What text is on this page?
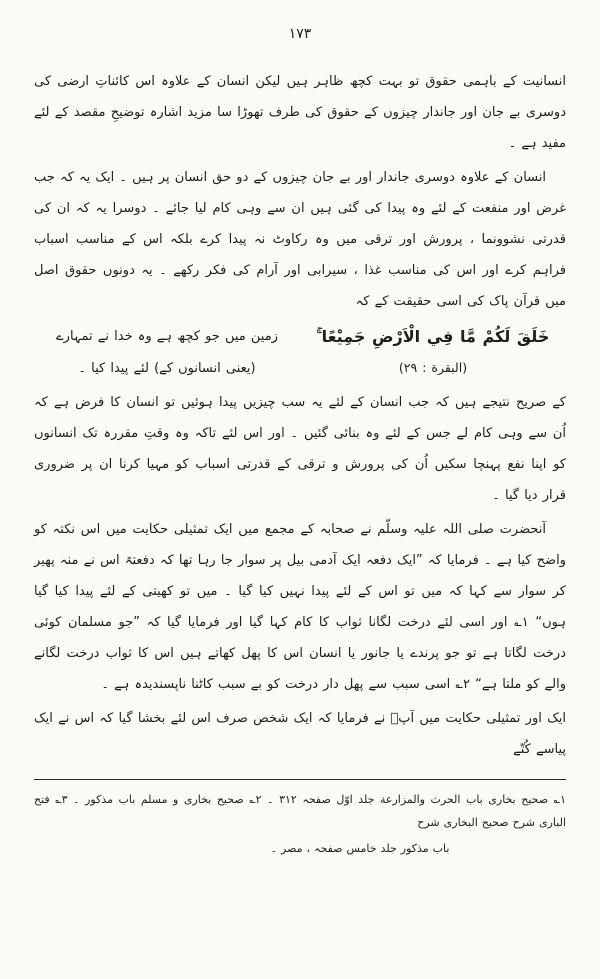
۱۷۳

انسانیت کے باہمی حقوق تو بہت کچھ ظاہر ہیں لیکن انسان کے علاوہ اس کائناتِ ارضی کی دوسری بے جان اور جاندار چیزوں کے حقوق کی طرف تھوڑا سا مزید اشارہ توضیحِ مقصد کے لئے مفید ہے ۔

انسان کے علاوہ دوسری جاندار اور بے جان چیزوں کے دو حق انسان پر ہیں ۔ ایک یہ کہ جب غرض اور منفعت کے لئے وہ پیدا کی گئی ہیں ان سے وہی کام لیا جائے ۔ دوسرا یہ کہ ان کی قدرتی نشوونما ، پرورش اور ترقی میں وہ رکاوٹ نہ پیدا کرے بلکہ اس کے مناسب اسباب فراہم کرے اور اس کی مناسب غذا ، سیرابی اور آرام کی فکر رکھے ۔ یہ دونوں حقوق اصل میں قرآن پاک کی اسی حقیقت کے کہ

خَلَقَ لَكُمْ مَّا فِي الْاَرْضِ جَمِيْعًا ۚ
زمین میں جو کچھ ہے وہ خدا نے تمہارے
(البقرة : ۲۹)
(یعنی انسانوں کے) لئے پیدا کیا ۔

کے صریح نتیجے ہیں کہ جب انسان کے لئے یہ سب چیزیں پیدا ہوئیں تو انسان کا فرض ہے کہ اُن سے وہی کام لے جس کے لئے وہ بنائی گئیں ۔ اور اس لئے تاکہ وہ وقتِ مقررہ تک انسانوں کو اپنا نفع پہنچا سکیں اُن کی پرورش و ترقی کے قدرتی اسباب کو مہیا کرنا ان پر ضروری قرار دیا گیا ۔

آنحضرت صلی اللہ علیہ وسلّم نے صحابہ کے مجمع میں ایک تمثیلی حکایت میں اس نکتہ کو واضح کیا ہے ۔ فرمایا کہ ”ایک دفعہ ایک آدمی بیل پر سوار جا رہا تھا کہ دفعتہً اس نے منہ پھیر کر سوار سے کہا کہ میں تو اس کے لئے پیدا نہیں کیا گیا ۔ میں تو کھیتی کے لئے پیدا کیا گیا ہوں“ ۱؎ اور اسی لئے درخت لگانا ثواب کا کام کہا گیا اور فرمایا گیا کہ ”جو مسلمان کوئی درخت لگاتا ہے تو جو پرندے یا جانور یا انسان اس کا پھل کھاتے ہیں اس کا ثواب درخت لگانے والے کو ملتا ہے“ ۲؎ اسی سبب سے پھل دار درخت کو بے سبب کاٹنا ناپسندیدہ ہے ۔

ایک اور تمثیلی حکایت میں آپؐ نے فرمایا کہ ایک شخص صرف اس لئے بخشا گیا کہ اس نے ایک پیاسے کُتّے

۱؎ صحیح بخاری باب الحرث والمزارعة جلد اوّل صفحہ ۳۱۲ ۔ ۲؎ صحیح بخاری و مسلم باب مذکور ۔ ۳؎ فتح الباری شرح صحیح البخاری شرح
باب مذکور جلد خامس صفحہ ، مصر ۔
